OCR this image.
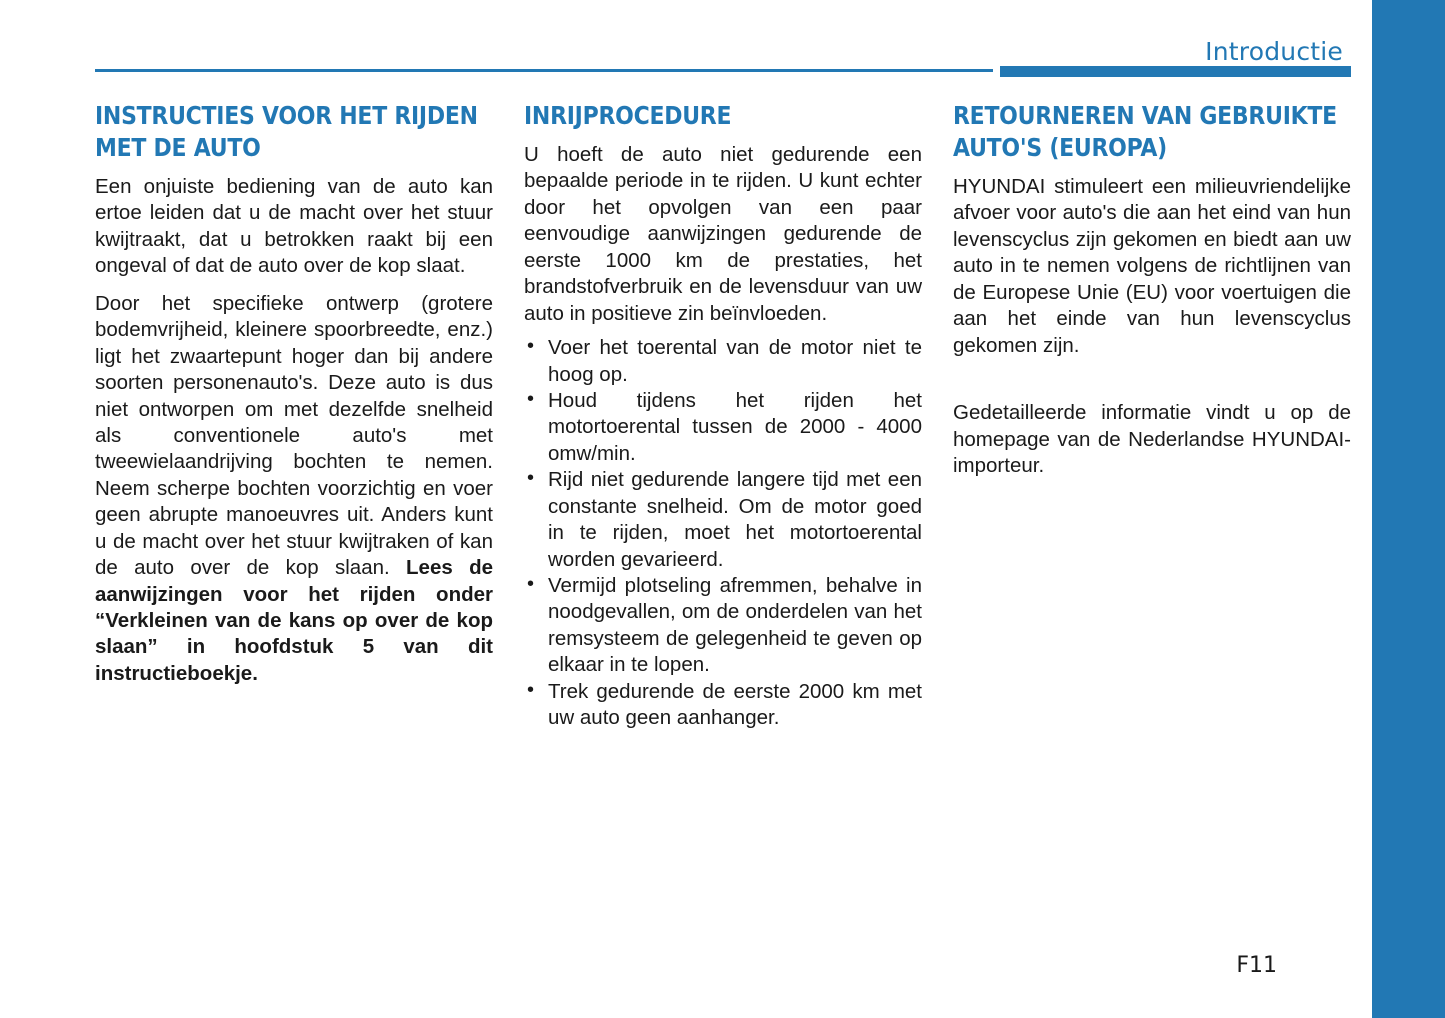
Introductie
INSTRUCTIES VOOR HET RIJDEN MET DE AUTO

Een onjuiste bediening van de auto kan ertoe leiden dat u de macht over het stuur kwijtraakt, dat u betrokken raakt bij een ongeval of dat de auto over de kop slaat.

Door het specifieke ontwerp (grotere bodemvrijheid, kleinere spoorbreedte, enz.) ligt het zwaartepunt hoger dan bij andere soorten personenauto's. Deze auto is dus niet ontworpen om met dezelfde snelheid als conventionele auto's met tweewielaandrijving bochten te nemen. Neem scherpe bochten voorzichtig en voer geen abrupte manoeuvres uit. Anders kunt u de macht over het stuur kwijtraken of kan de auto over de kop slaan. Lees de aanwijzingen voor het rijden onder “Verkleinen van de kans op over de kop slaan” in hoofdstuk 5 van dit instructieboekje.

INRIJPROCEDURE

U hoeft de auto niet gedurende een bepaalde periode in te rijden. U kunt echter door het opvolgen van een paar eenvoudige aanwijzingen gedurende de eerste 1000 km de prestaties, het brandstofverbruik en de levensduur van uw auto in positieve zin beïnvloeden.

• Voer het toerental van de motor niet te hoog op.
• Houd tijdens het rijden het motortoerental tussen de 2000 - 4000 omw/min.
• Rijd niet gedurende langere tijd met een constante snelheid. Om de motor goed in te rijden, moet het motortoerental worden gevarieerd.
• Vermijd plotseling afremmen, behalve in noodgevallen, om de onderdelen van het remsysteem de gelegenheid te geven op elkaar in te lopen.
• Trek gedurende de eerste 2000 km met uw auto geen aanhanger.
RETOURNEREN VAN GEBRUIKTE AUTO'S (EUROPA)

HYUNDAI stimuleert een milieuvriendelijke afvoer voor auto's die aan het eind van hun levenscyclus zijn gekomen en biedt aan uw auto in te nemen volgens de richtlijnen van de Europese Unie (EU) voor voertuigen die aan het einde van hun levenscyclus gekomen zijn.

Gedetailleerde informatie vindt u op de homepage van de Nederlandse HYUNDAI-importeur.

F11
